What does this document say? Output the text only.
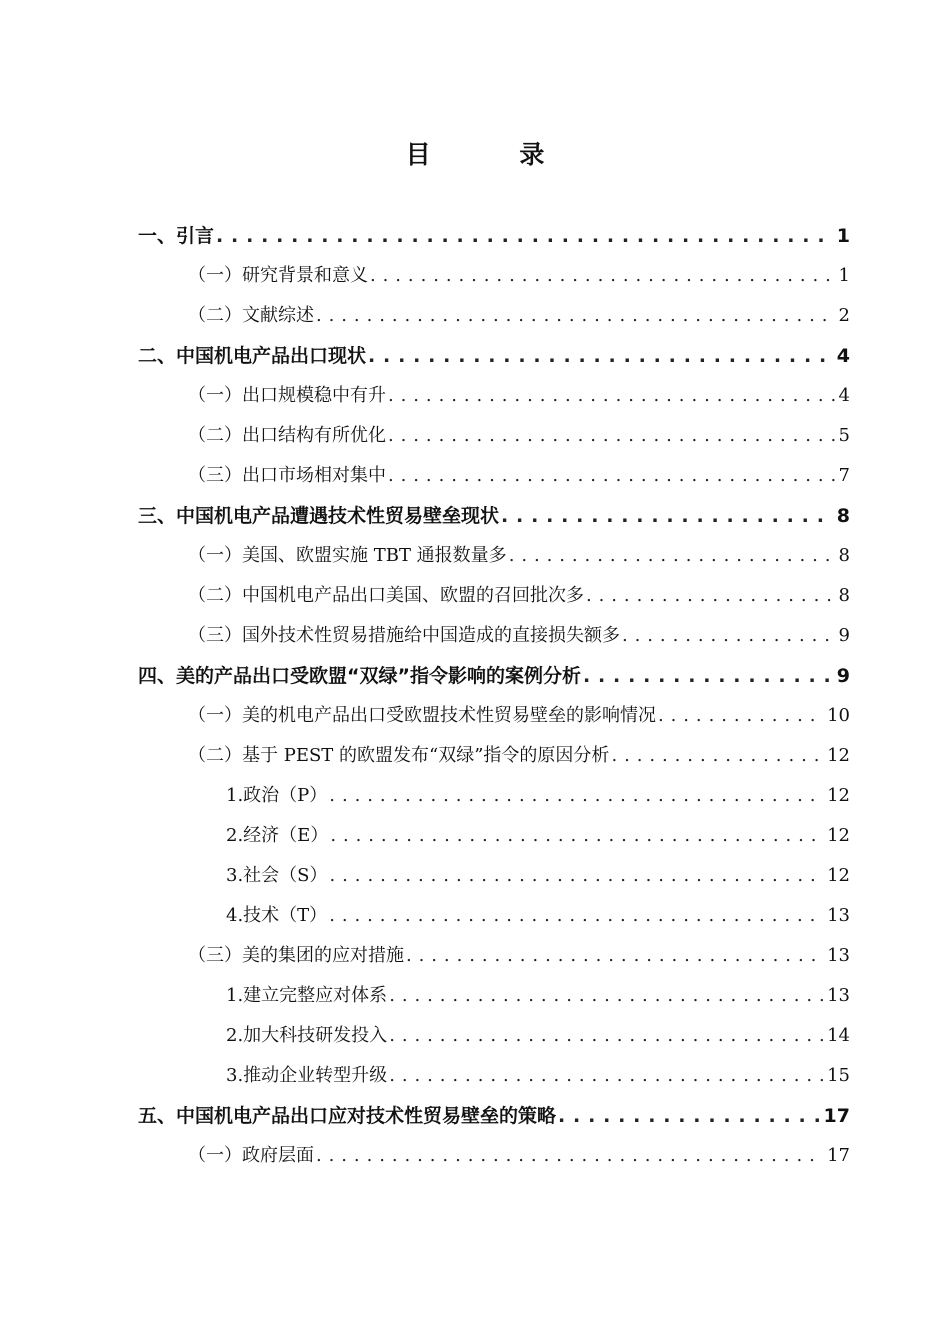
目 录
一、引言 . . .	1
（一）研究背景和意义 . . .	1
（二）文献综述 . . .	2
二、中国机电产品出口现状 . . .	4
（一）出口规模稳中有升 . . .	4
（二）出口结构有所优化 . . .	5
（三）出口市场相对集中 . . .	7
三、中国机电产品遭遇技术性贸易壁垒现状 . . .	8
（一）美国、欧盟实施 TBT 通报数量多 . . .	8
（二）中国机电产品出口美国、欧盟的召回批次多 . . .	8
（三）国外技术性贸易措施给中国造成的直接损失额多 . . .	9
四、美的产品出口受欧盟“双绿”指令影响的案例分析 . . .	9
（一）美的机电产品出口受欧盟技术性贸易壁垒的影响情况 . . .	10
（二）基于 PEST 的欧盟发布“双绿”指令的原因分析 . . .	12
1.政治（P） . . .	12
2.经济（E） . . .	12
3.社会（S） . . .	12
4.技术（T） . . .	13
（三）美的集团的应对措施 . . .	13
1.建立完整应对体系 . . .	13
2.加大科技研发投入 . . .	14
3.推动企业转型升级 . . .	15
五、中国机电产品出口应对技术性贸易壁垒的策略 . . .	17
（一）政府层面 . . .	17
